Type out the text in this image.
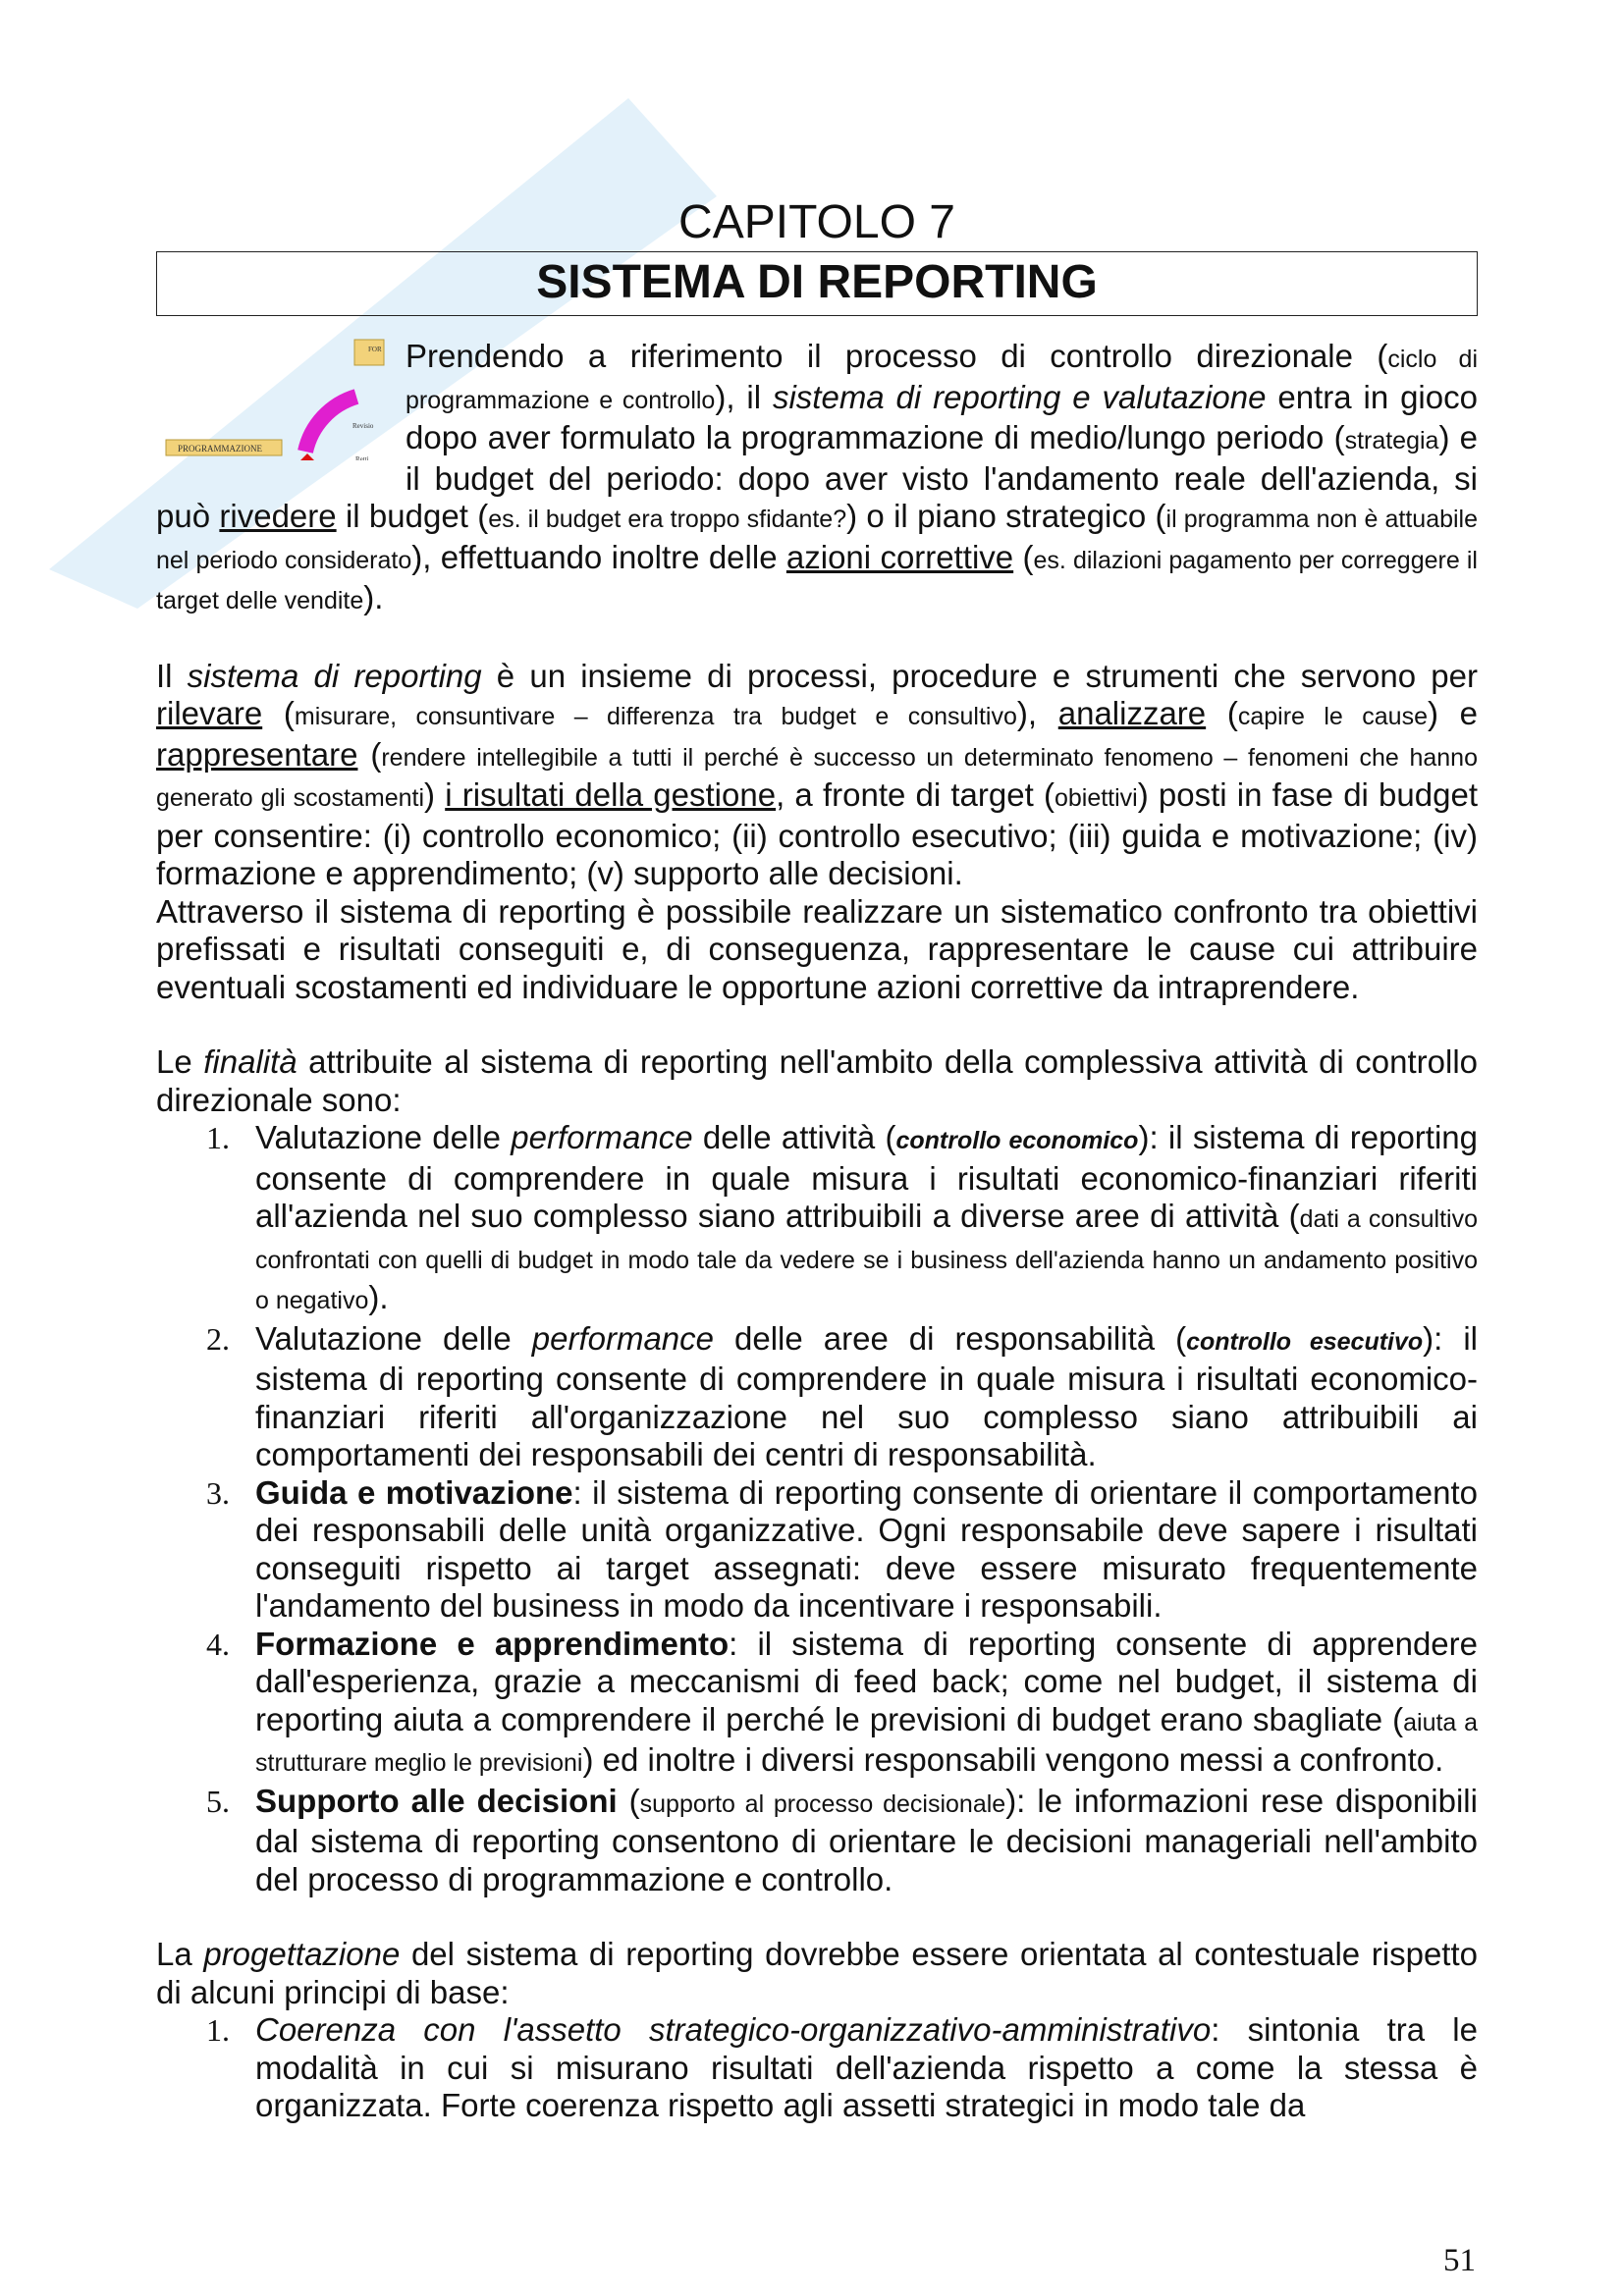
CAPITOLO 7
SISTEMA DI REPORTING
FOR
Revisio
Retti
PROGRAMMAZIONE

Prendendo a riferimento il processo di controllo direzionale (ciclo di programmazione e controllo), il sistema di reporting e valutazione entra in gioco dopo aver formulato la programmazione di medio/lungo periodo (strategia) e il budget del periodo: dopo aver visto l'andamento reale dell'azienda, si può rivedere il budget (es. il budget era troppo sfidante?) o il piano strategico (il programma non è attuabile nel periodo considerato), effettuando inoltre delle azioni correttive (es. dilazioni pagamento per correggere il target delle vendite).

Il sistema di reporting è un insieme di processi, procedure e strumenti che servono per rilevare (misurare, consuntivare – differenza tra budget e consultivo), analizzare (capire le cause) e rappresentare (rendere intellegibile a tutti il perché è successo un determinato fenomeno – fenomeni che hanno generato gli scostamenti) i risultati della gestione, a fronte di target (obiettivi) posti in fase di budget per consentire: (i) controllo economico; (ii) controllo esecutivo; (iii) guida e motivazione; (iv) formazione e apprendimento; (v) supporto alle decisioni.

Attraverso il sistema di reporting è possibile realizzare un sistematico confronto tra obiettivi prefissati e risultati conseguiti e, di conseguenza, rappresentare le cause cui attribuire eventuali scostamenti ed individuare le opportune azioni correttive da intraprendere.

Le finalità attribuite al sistema di reporting nell'ambito della complessiva attività di controllo direzionale sono:

1. Valutazione delle performance delle attività (controllo economico): il sistema di reporting consente di comprendere in quale misura i risultati economico-finanziari riferiti all'azienda nel suo complesso siano attribuibili a diverse aree di attività (dati a consultivo confrontati con quelli di budget in modo tale da vedere se i business dell'azienda hanno un andamento positivo o negativo).
2. Valutazione delle performance delle aree di responsabilità (controllo esecutivo): il sistema di reporting consente di comprendere in quale misura i risultati economico-finanziari riferiti all'organizzazione nel suo complesso siano attribuibili ai comportamenti dei responsabili dei centri di responsabilità.
3. Guida e motivazione: il sistema di reporting consente di orientare il comportamento dei responsabili delle unità organizzative. Ogni responsabile deve sapere i risultati conseguiti rispetto ai target assegnati: deve essere misurato frequentemente l'andamento del business in modo da incentivare i responsabili.
4. Formazione e apprendimento: il sistema di reporting consente di apprendere dall'esperienza, grazie a meccanismi di feed back; come nel budget, il sistema di reporting aiuta a comprendere il perché le previsioni di budget erano sbagliate (aiuta a strutturare meglio le previsioni) ed inoltre i diversi responsabili vengono messi a confronto.
5. Supporto alle decisioni (supporto al processo decisionale): le informazioni rese disponibili dal sistema di reporting consentono di orientare le decisioni manageriali nell'ambito del processo di programmazione e controllo.

La progettazione del sistema di reporting dovrebbe essere orientata al contestuale rispetto di alcuni principi di base:

1. Coerenza con l'assetto strategico-organizzativo-amministrativo: sintonia tra le modalità in cui si misurano risultati dell'azienda rispetto a come la stessa è organizzata. Forte coerenza rispetto agli assetti strategici in modo tale da
51
